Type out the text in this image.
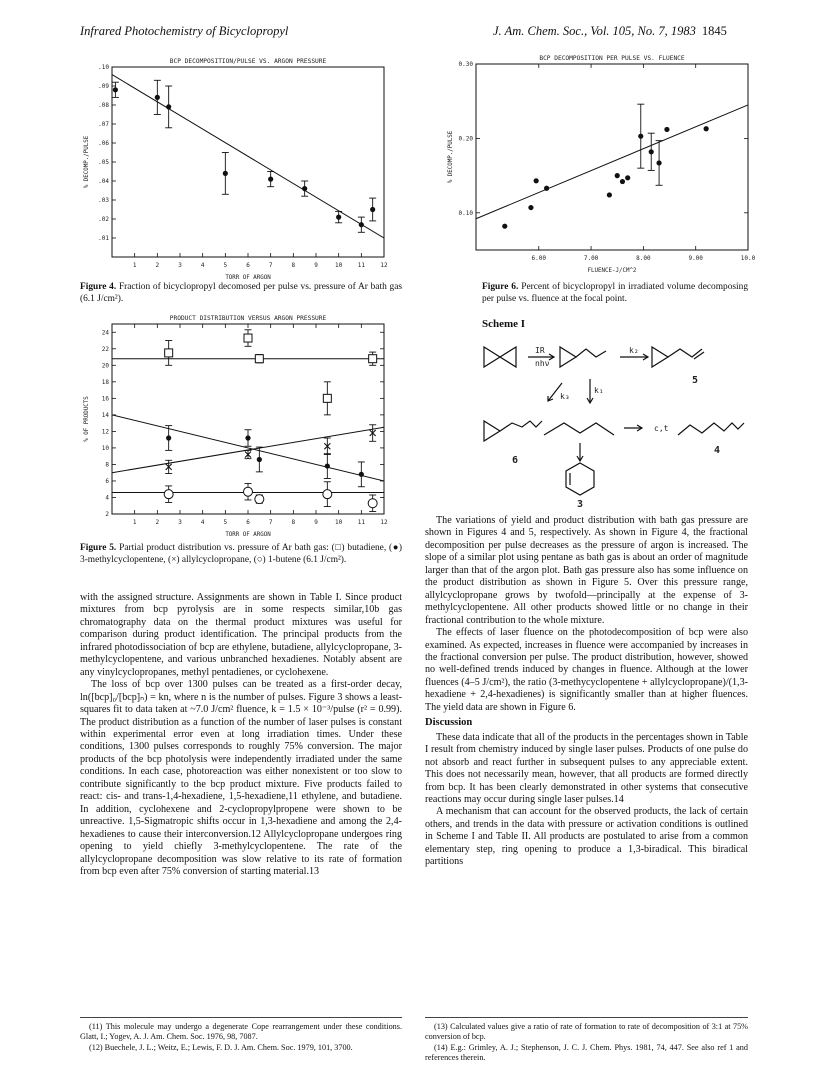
Infrared Photochemistry of Bicyclopropyl	J. Am. Chem. Soc., Vol. 105, No. 7, 1983 1845
BCP DECOMPOSITION/PULSE VS. ARGON PRESSURE
TORR OF ARGON
% DECOMP./PULSE
1	2	3	4	5	6	7	8	9	10	11	12
.01
.02
.03
.04
.05
.06
.07
.08
.09
.10
Figure 4. Fraction of bicyclopropyl decomosed per pulse vs. pressure of Ar bath gas (6.1 J/cm²).
PRODUCT DISTRIBUTION VERSUS ARGON PRESSURE
TORR OF ARGON
% OF PRODUCTS
1	2	3	4	5	6	7	8	9	10	11	12
2
4
6
8
10
12
14
16
18
20
22
24
Figure 5. Partial product distribution vs. pressure of Ar bath gas: (□) butadiene, (●) 3-methylcyclopentene, (×) allylcyclopropane, (○) 1-butene (6.1 J/cm²).
BCP DECOMPOSITION PER PULSE VS. FLUENCE
FLUENCE-J/CM^2
% DECOMP./PULSE
6.00	7.00	8.00	9.00	10.0
0.10
0.20
0.30
Figure 6. Percent of bicyclopropyl in irradiated volume decomposing per pulse vs. fluence at the focal point.
Scheme I
IR
nhν
k₂
k₃
k₁
c,t
5
6
4
3

with the assigned structure. Assignments are shown in Table I. Since product mixtures from bcp pyrolysis are in some respects similar,10b gas chromatography data on the thermal product mixtures was useful for comparison during product identification. The principal products from the infrared photodissociation of bcp are ethylene, butadiene, allylcyclopropane, 3-methylcyclopentene, and various unbranched hexadienes. Notably absent are any vinylcyclopropanes, methyl pentadienes, or cyclohexene.

The loss of bcp over 1300 pulses can be treated as a first-order decay, ln([bcp]₀/[bcp]ₙ) = kn, where n is the number of pulses. Figure 3 shows a least-squares fit to data taken at ~7.0 J/cm² fluence, k = 1.5 × 10⁻³/pulse (r² = 0.99). The product distribution as a function of the number of laser pulses is constant within experimental error even at long irradiation times. Under these conditions, 1300 pulses corresponds to roughly 75% conversion. The major products of the bcp photolysis were independently irradiated under the same conditions. In each case, photoreaction was either nonexistent or too slow to contribute significantly to the bcp product mixture. Five products failed to react: cis- and trans-1,4-hexadiene, 1,5-hexadiene,11 ethylene, and butadiene. In addition, cyclohexene and 2-cyclopropylpropene were shown to be unreactive. 1,5-Sigmatropic shifts occur in 1,3-hexadiene and among the 2,4-hexadienes to cause their interconversion.12 Allylcyclopropane undergoes ring opening to yield chiefly 3-methylcyclopentene. The rate of the allylcyclopropane decomposition was slow relative to its rate of formation from bcp even after 75% conversion of starting material.13

The variations of yield and product distribution with bath gas pressure are shown in Figures 4 and 5, respectively. As shown in Figure 4, the fractional decomposition per pulse decreases as the pressure of argon is increased. The slope of a similar plot using pentane as bath gas is about an order of magnitude larger than that of the argon plot. Bath gas pressure also has some influence on the product distribution as shown in Figure 5. Over this pressure range, allylcyclopropane grows by twofold—principally at the expense of 3-methylcyclopentene. All other products showed little or no change in their fractional contribution to the whole mixture.

The effects of laser fluence on the photodecomposition of bcp were also examined. As expected, increases in fluence were accompanied by increases in the fractional conversion per pulse. The product distribution, however, showed no well-defined trends induced by changes in fluence. Although at the lower fluences (4–5 J/cm²), the ratio (3-methycyclopentene + allylcyclopropane)/(1,3-hexadiene + 2,4-hexadienes) is significantly smaller than at higher fluences. The yield data are shown in Figure 6.

Discussion

These data indicate that all of the products in the percentages shown in Table I result from chemistry induced by single laser pulses. Products of one pulse do not absorb and react further in subsequent pulses to any appreciable extent. This does not necessarily mean, however, that all products are formed directly from bcp. It has been clearly demonstrated in other systems that consecutive reactions may occur during single laser pulses.14

A mechanism that can account for the observed products, the lack of certain others, and trends in the data with pressure or activation conditions is outlined in Scheme I and Table II. All products are postulated to arise from a common elementary step, ring opening to produce a 1,3-biradical. This biradical partitions

(11) This molecule may undergo a degenerate Cope rearrangement under these conditions. Glatt, I.; Yogev, A. J. Am. Chem. Soc. 1976, 98, 7087.

(12) Buechele, J. L.; Weitz, E.; Lewis, F. D. J. Am. Chem. Soc. 1979, 101, 3700.

(13) Calculated values give a ratio of rate of formation to rate of decomposition of 3:1 at 75% conversion of bcp.

(14) E.g.: Grimley, A. J.; Stephenson, J. C. J. Chem. Phys. 1981, 74, 447. See also ref 1 and references therein.
